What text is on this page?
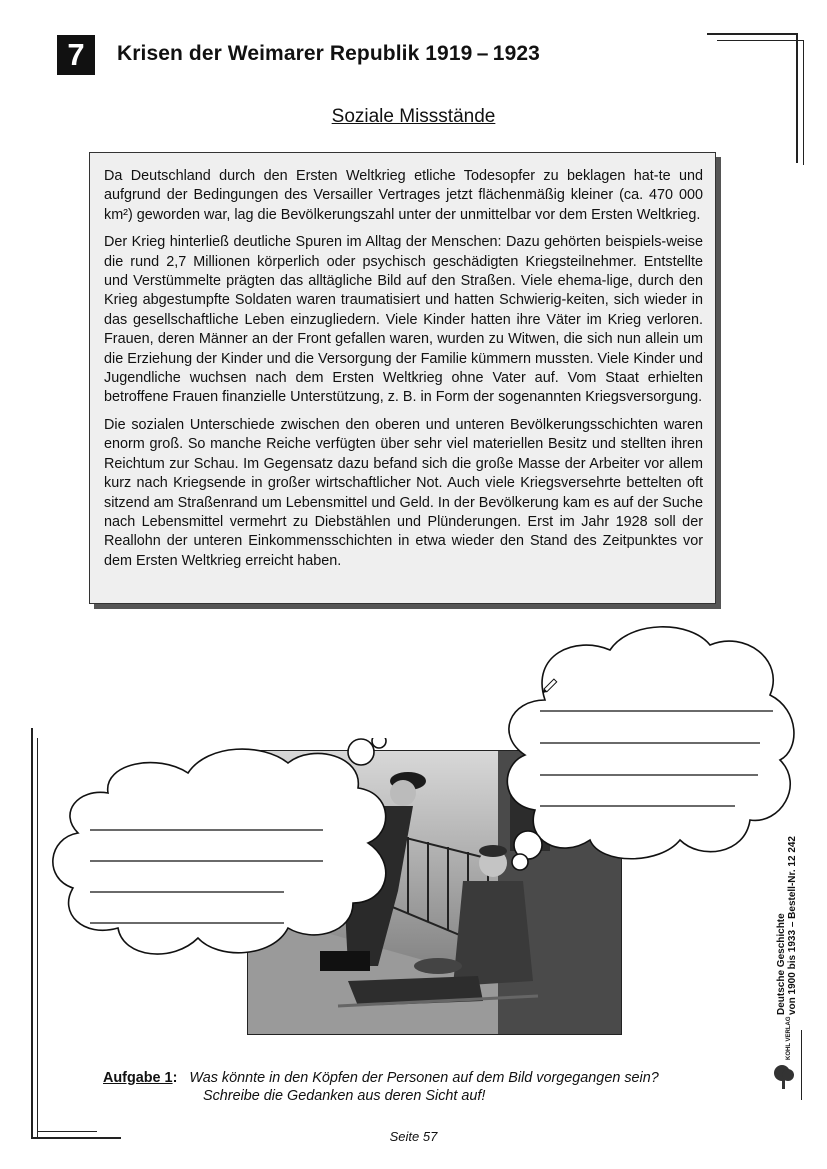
7	Krisen der Weimarer Republik 1919 – 1923
Soziale Missstände

Da Deutschland durch den Ersten Weltkrieg etliche Todesopfer zu beklagen hat-te und aufgrund der Bedingungen des Versailler Vertrages jetzt flächenmäßig kleiner (ca. 470 000 km²) geworden war, lag die Bevölkerungszahl unter der unmittelbar vor dem Ersten Weltkrieg.

Der Krieg hinterließ deutliche Spuren im Alltag der Menschen: Dazu gehörten beispiels-weise die rund 2,7 Millionen körperlich oder psychisch geschädigten Kriegsteilnehmer. Entstellte und Verstümmelte prägten das alltägliche Bild auf den Straßen. Viele ehema-lige, durch den Krieg abgestumpfte Soldaten waren traumatisiert und hatten Schwierig-keiten, sich wieder in das gesellschaftliche Leben einzugliedern. Viele Kinder hatten ihre Väter im Krieg verloren. Frauen, deren Männer an der Front gefallen waren, wurden zu Witwen, die sich nun allein um die Erziehung der Kinder und die Versorgung der Familie kümmern mussten. Viele Kinder und Jugendliche wuchsen nach dem Ersten Weltkrieg ohne Vater auf. Vom Staat erhielten betroffene Frauen finanzielle Unterstützung, z. B. in Form der sogenannten Kriegsversorgung.

Die sozialen Unterschiede zwischen den oberen und unteren Bevölkerungsschichten waren enorm groß. So manche Reiche verfügten über sehr viel materiellen Besitz und stellten ihren Reichtum zur Schau. Im Gegensatz dazu befand sich die große Masse der Arbeiter vor allem kurz nach Kriegsende in großer wirtschaftlicher Not. Auch viele Kriegsversehrte bettelten oft sitzend am Straßenrand um Lebensmittel und Geld. In der Bevölkerung kam es auf der Suche nach Lebensmittel vermehrt zu Diebstählen und Plünderungen. Erst im Jahr 1928 soll der Reallohn der unteren Einkommensschichten in etwa wieder den Stand des Zeitpunktes vor dem Ersten Weltkrieg erreicht haben.

Aufgabe 1: Was könnte in den Köpfen der Personen auf dem Bild vorgegangen sein?
Schreibe die Gedanken aus deren Sicht auf!
Seite 57
Deutsche Geschichte von 1900 bis 1933 – Bestell-Nr. 12 242
KOHL VERLAG
